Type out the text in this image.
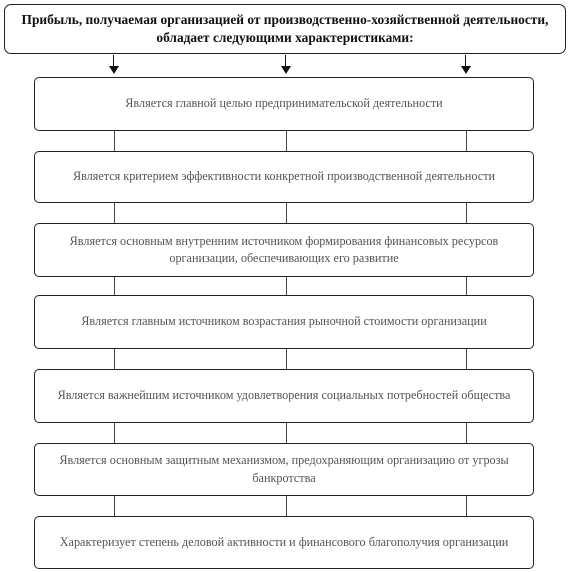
Прибыль, получаемая организацией от производственно-хозяйственной деятельности, обладает следующими характеристиками:
Является главной целью предпринимательской деятельности
Является критерием эффективности конкретной производственной деятельности
Является основным внутренним источником формирования финансовых ресурсов организации, обеспечивающих его развитие
Является главным источником возрастания рыночной стоимости организации
Является важнейшим источником удовлетворения социальных потребностей общества
Является основным защитным механизмом, предохраняющим организацию от угрозы банкротства
Характеризует степень деловой активности и финансового благополучия организации
